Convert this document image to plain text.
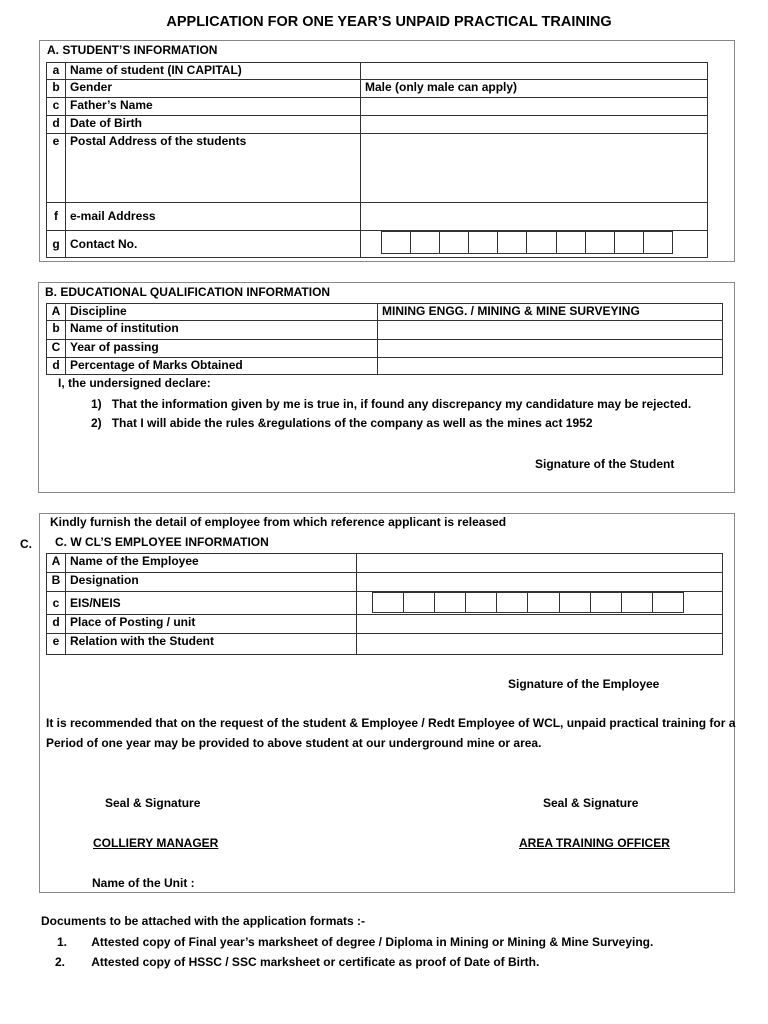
APPLICATION FOR ONE YEAR’S UNPAID PRACTICAL TRAINING
A. STUDENT’S INFORMATION
a	Name of student (IN CAPITAL)	
b	Gender	Male (only male can apply)
c	Father’s Name	
d	Date of Birth	
e	Postal Address of the students	
f	e-mail Address	
g	Contact No.	
B. EDUCATIONAL QUALIFICATION INFORMATION
A	Discipline	MINING ENGG. / MINING & MINE SURVEYING
b	Name of institution	
C	Year of passing	
d	Percentage of Marks Obtained	
I, the undersigned declare:
1) That the information given by me is true in, if found any discrepancy my candidature may be rejected.
2) That I will abide the rules &regulations of the company as well as the mines act 1952
Signature of the Student
C.
Kindly furnish the detail of employee from which reference applicant is released
C. W CL’S EMPLOYEE INFORMATION
A	Name of the Employee	
B	Designation	
c	EIS/NEIS	

d	Place of Posting / unit	
e	Relation with the Student	
Signature of the Employee
It is recommended that on the request of the student & Employee / Redt Employee of WCL, unpaid practical training for a
Period of one year may be provided to above student at our underground mine or area.
Seal & Signature	Seal & Signature
COLLIERY MANAGER	AREA TRAINING OFFICER
Name of the Unit :
Documents to be attached with the application formats :-
1. Attested copy of Final year’s marksheet of degree / Diploma in Mining or Mining & Mine Surveying.
2. Attested copy of HSSC / SSC marksheet or certificate as proof of Date of Birth.
